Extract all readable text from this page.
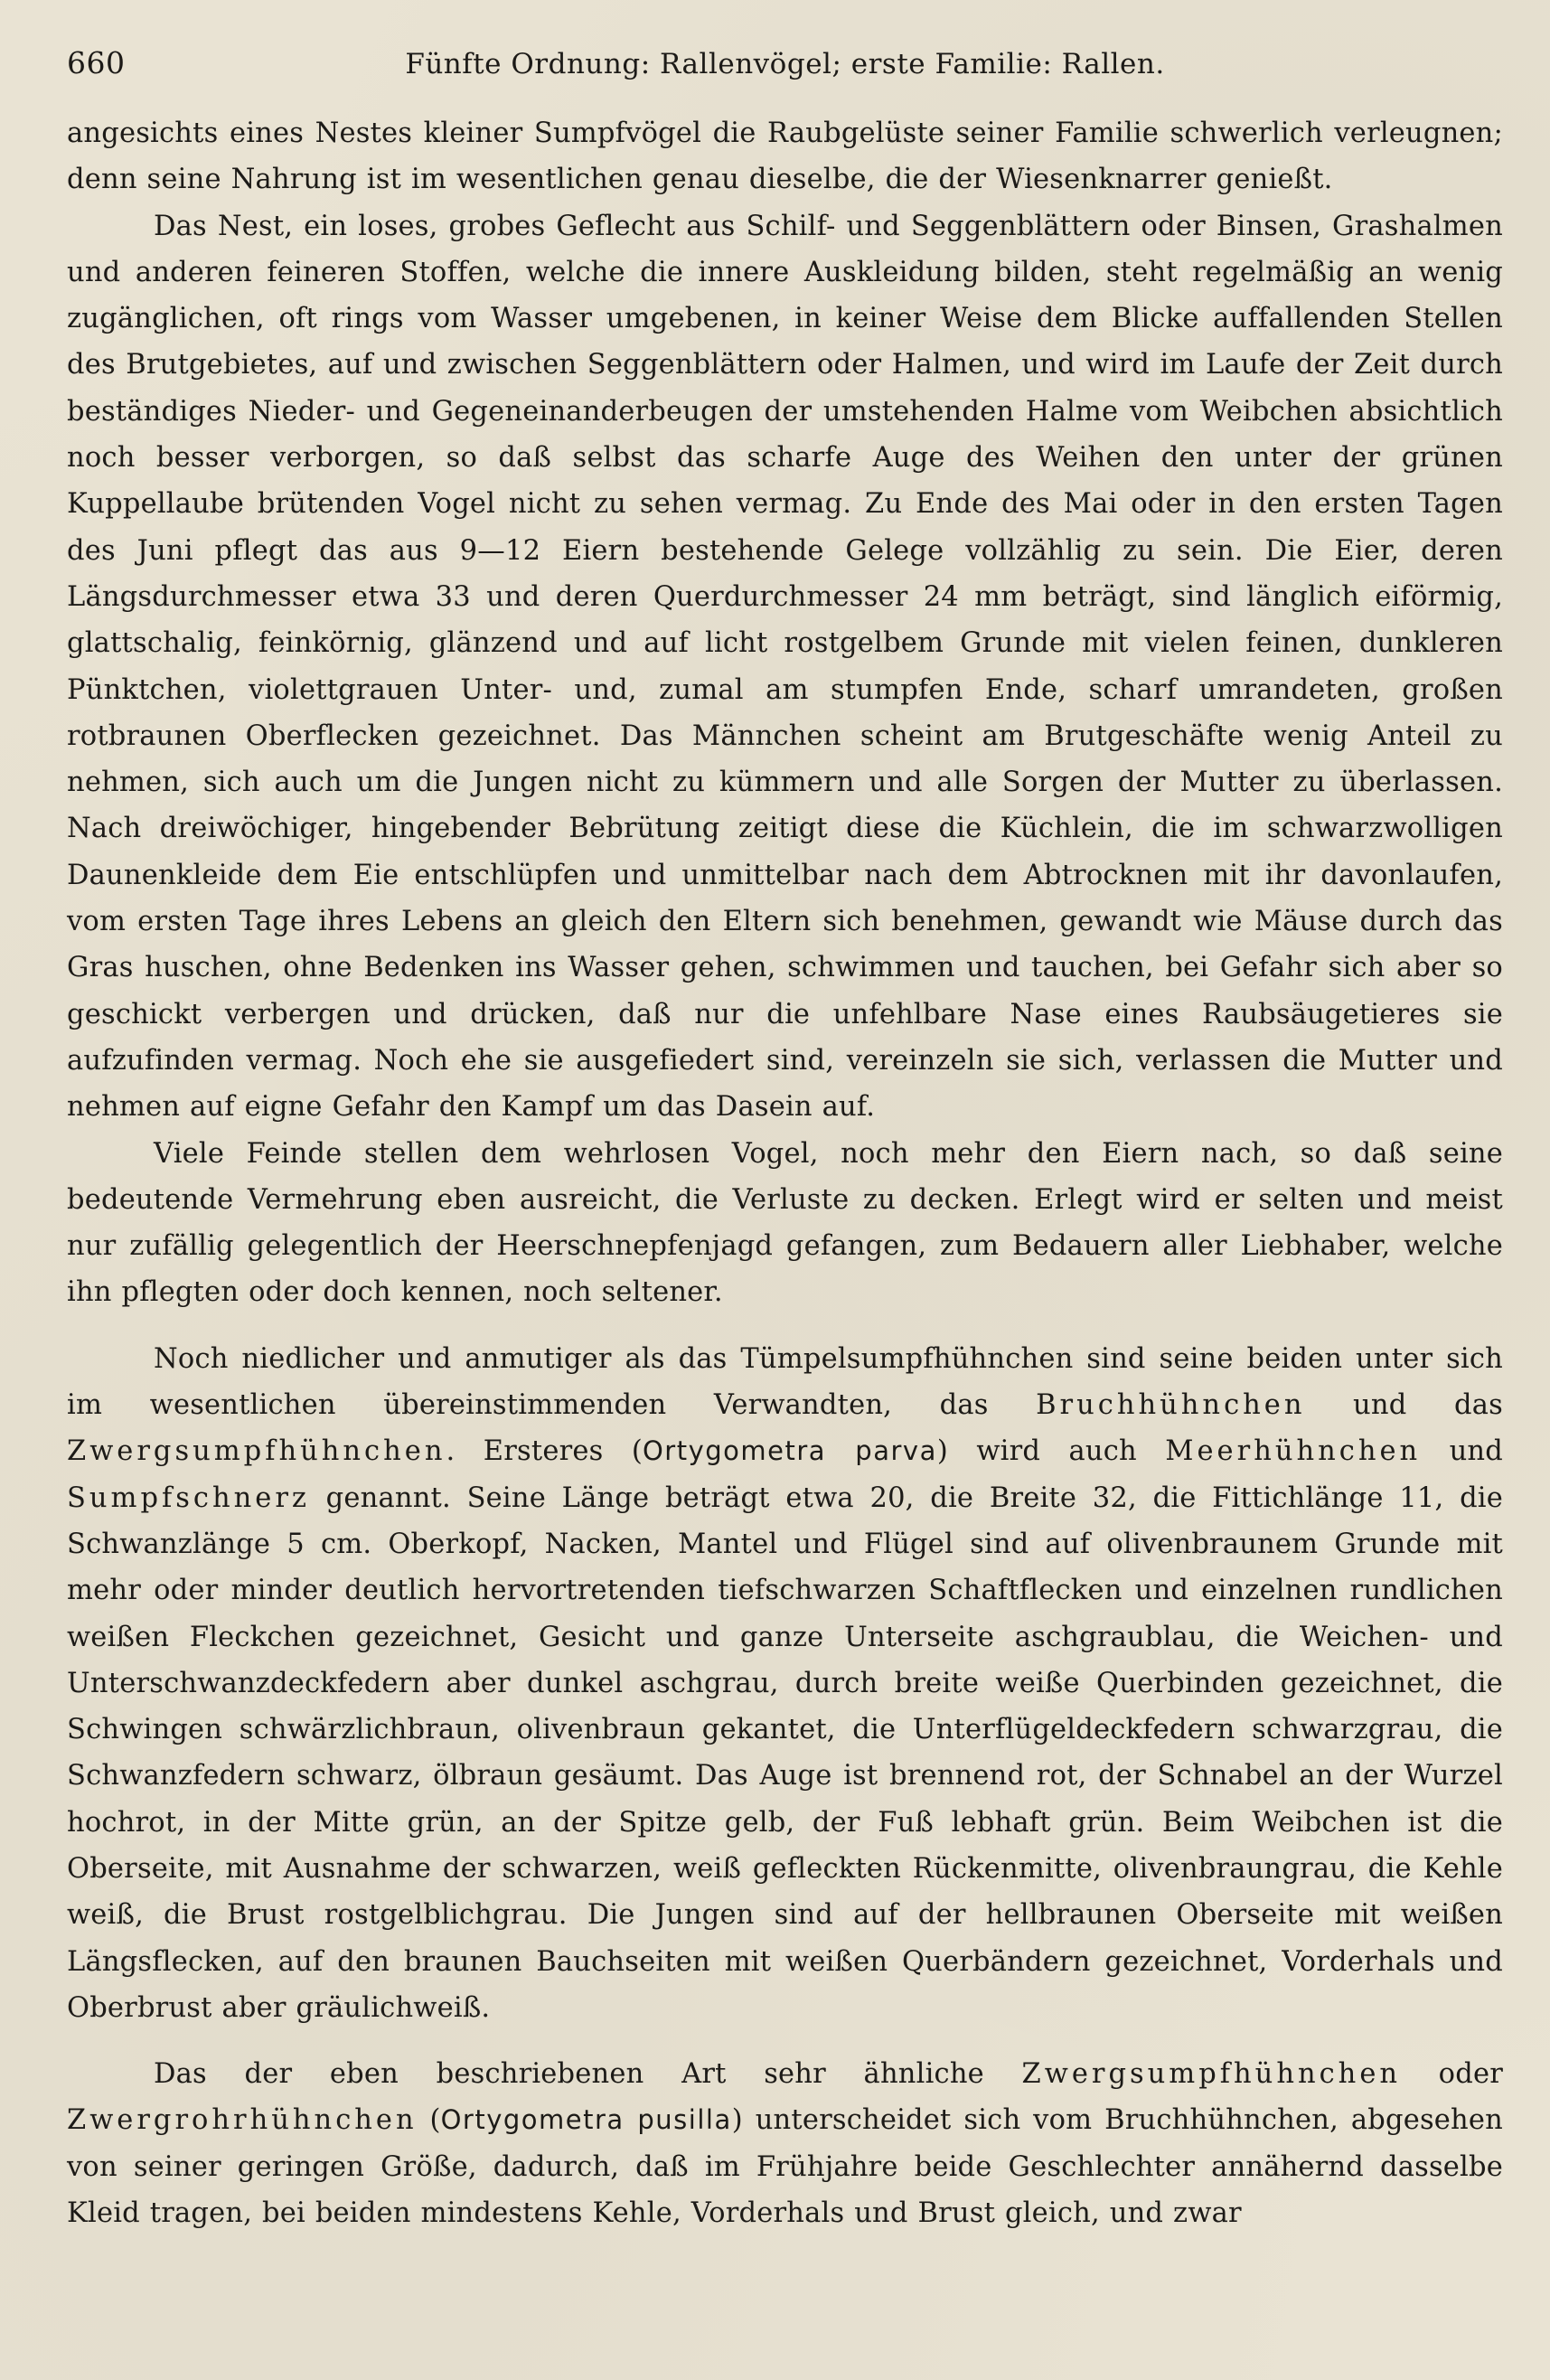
660	Fünfte Ordnung: Rallenvögel; erste Familie: Rallen.

angesichts eines Nestes kleiner Sumpfvögel die Raubgelüste seiner Familie schwerlich verleugnen; denn seine Nahrung ist im wesentlichen genau dieselbe, die der Wiesenknarrer genießt.

Das Nest, ein loses, grobes Geflecht aus Schilf- und Seggenblättern oder Binsen, Grashalmen und anderen feineren Stoffen, welche die innere Auskleidung bilden, steht regelmäßig an wenig zugänglichen, oft rings vom Wasser umgebenen, in keiner Weise dem Blicke auffallenden Stellen des Brutgebietes, auf und zwischen Seggenblättern oder Halmen, und wird im Laufe der Zeit durch beständiges Nieder- und Gegeneinanderbeugen der umstehenden Halme vom Weibchen absichtlich noch besser verborgen, so daß selbst das scharfe Auge des Weihen den unter der grünen Kuppellaube brütenden Vogel nicht zu sehen vermag. Zu Ende des Mai oder in den ersten Tagen des Juni pflegt das aus 9—12 Eiern bestehende Gelege vollzählig zu sein. Die Eier, deren Längsdurchmesser etwa 33 und deren Querdurchmesser 24 mm beträgt, sind länglich eiförmig, glattschalig, feinkörnig, glänzend und auf licht rostgelbem Grunde mit vielen feinen, dunkleren Pünktchen, violettgrauen Unter- und, zumal am stumpfen Ende, scharf umrandeten, großen rotbraunen Oberflecken gezeichnet. Das Männchen scheint am Brutgeschäfte wenig Anteil zu nehmen, sich auch um die Jungen nicht zu kümmern und alle Sorgen der Mutter zu überlassen. Nach dreiwöchiger, hingebender Bebrütung zeitigt diese die Küchlein, die im schwarzwolligen Daunenkleide dem Eie entschlüpfen und unmittelbar nach dem Abtrocknen mit ihr davonlaufen, vom ersten Tage ihres Lebens an gleich den Eltern sich benehmen, gewandt wie Mäuse durch das Gras huschen, ohne Bedenken ins Wasser gehen, schwimmen und tauchen, bei Gefahr sich aber so geschickt verbergen und drücken, daß nur die unfehlbare Nase eines Raubsäugetieres sie aufzufinden vermag. Noch ehe sie ausgefiedert sind, vereinzeln sie sich, verlassen die Mutter und nehmen auf eigne Gefahr den Kampf um das Dasein auf.

Viele Feinde stellen dem wehrlosen Vogel, noch mehr den Eiern nach, so daß seine bedeutende Vermehrung eben ausreicht, die Verluste zu decken. Erlegt wird er selten und meist nur zufällig gelegentlich der Heerschnepfenjagd gefangen, zum Bedauern aller Liebhaber, welche ihn pflegten oder doch kennen, noch seltener.

Noch niedlicher und anmutiger als das Tümpelsumpfhühnchen sind seine beiden unter sich im wesentlichen übereinstimmenden Verwandten, das Bruchhühnchen und das Zwergsumpfhühnchen. Ersteres (Ortygometra parva) wird auch Meerhühnchen und Sumpfschnerz genannt. Seine Länge beträgt etwa 20, die Breite 32, die Fittichlänge 11, die Schwanzlänge 5 cm. Oberkopf, Nacken, Mantel und Flügel sind auf olivenbraunem Grunde mit mehr oder minder deutlich hervortretenden tiefschwarzen Schaftflecken und einzelnen rundlichen weißen Fleckchen gezeichnet, Gesicht und ganze Unterseite aschgraublau, die Weichen- und Unterschwanzdeckfedern aber dunkel aschgrau, durch breite weiße Querbinden gezeichnet, die Schwingen schwärzlichbraun, olivenbraun gekantet, die Unterflügeldeckfedern schwarzgrau, die Schwanzfedern schwarz, ölbraun gesäumt. Das Auge ist brennend rot, der Schnabel an der Wurzel hochrot, in der Mitte grün, an der Spitze gelb, der Fuß lebhaft grün. Beim Weibchen ist die Oberseite, mit Ausnahme der schwarzen, weiß gefleckten Rückenmitte, olivenbraungrau, die Kehle weiß, die Brust rostgelblichgrau. Die Jungen sind auf der hellbraunen Oberseite mit weißen Längsflecken, auf den braunen Bauchseiten mit weißen Querbändern gezeichnet, Vorderhals und Oberbrust aber gräulichweiß.

Das der eben beschriebenen Art sehr ähnliche Zwergsumpfhühnchen oder Zwergrohrhühnchen (Ortygometra pusilla) unterscheidet sich vom Bruchhühnchen, abgesehen von seiner geringen Größe, dadurch, daß im Frühjahre beide Geschlechter annähernd dasselbe Kleid tragen, bei beiden mindestens Kehle, Vorderhals und Brust gleich, und zwar
